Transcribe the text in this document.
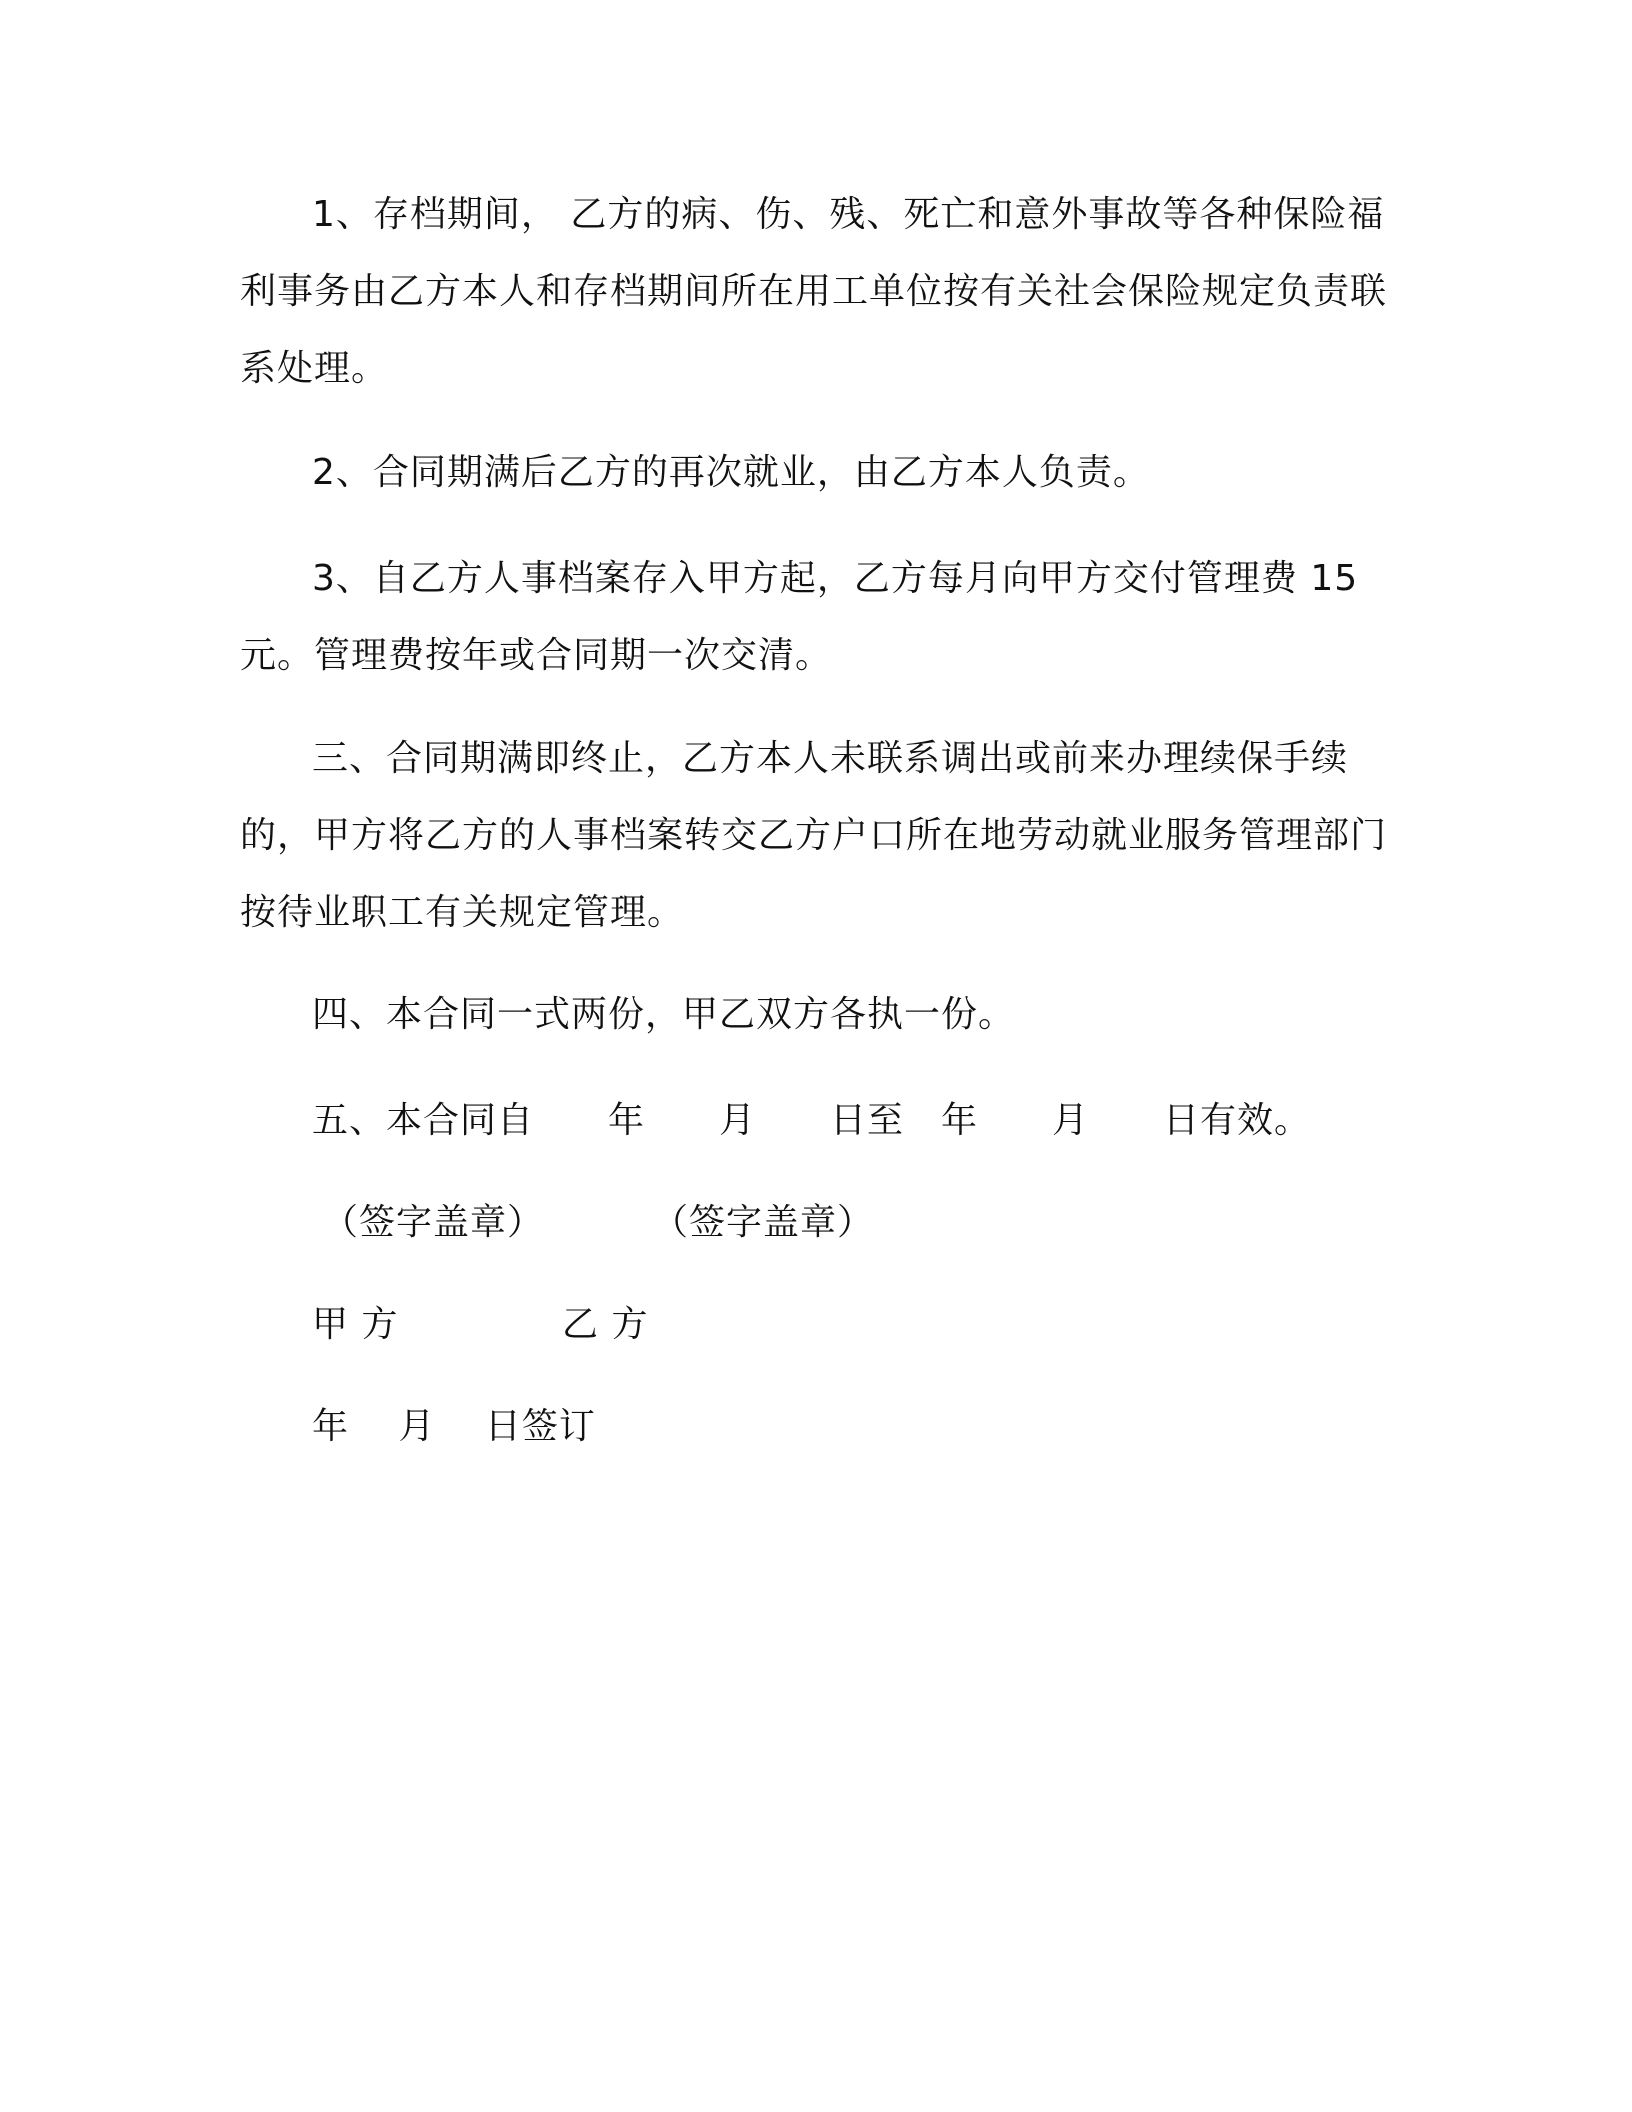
1、存档期间， 乙方的病、伤、残、死亡和意外事故等各种保险福利事务由乙方本人和存档期间所在用工单位按有关社会保险规定负责联系处理。

2、合同期满后乙方的再次就业，由乙方本人负责。

3、自乙方人事档案存入甲方起，乙方每月向甲方交付管理费 15 元。管理费按年或合同期一次交清。

三、合同期满即终止，乙方本人未联系调出或前来办理续保手续的，甲方将乙方的人事档案转交乙方户口所在地劳动就业服务管理部门按待业职工有关规定管理。

四、本合同一式两份，甲乙双方各执一份。

五、本合同自　　年　　月　　日至　年　　月　　日有效。

（签字盖章）	（签字盖章）
甲 方	乙 方
年　 月 　日签订
